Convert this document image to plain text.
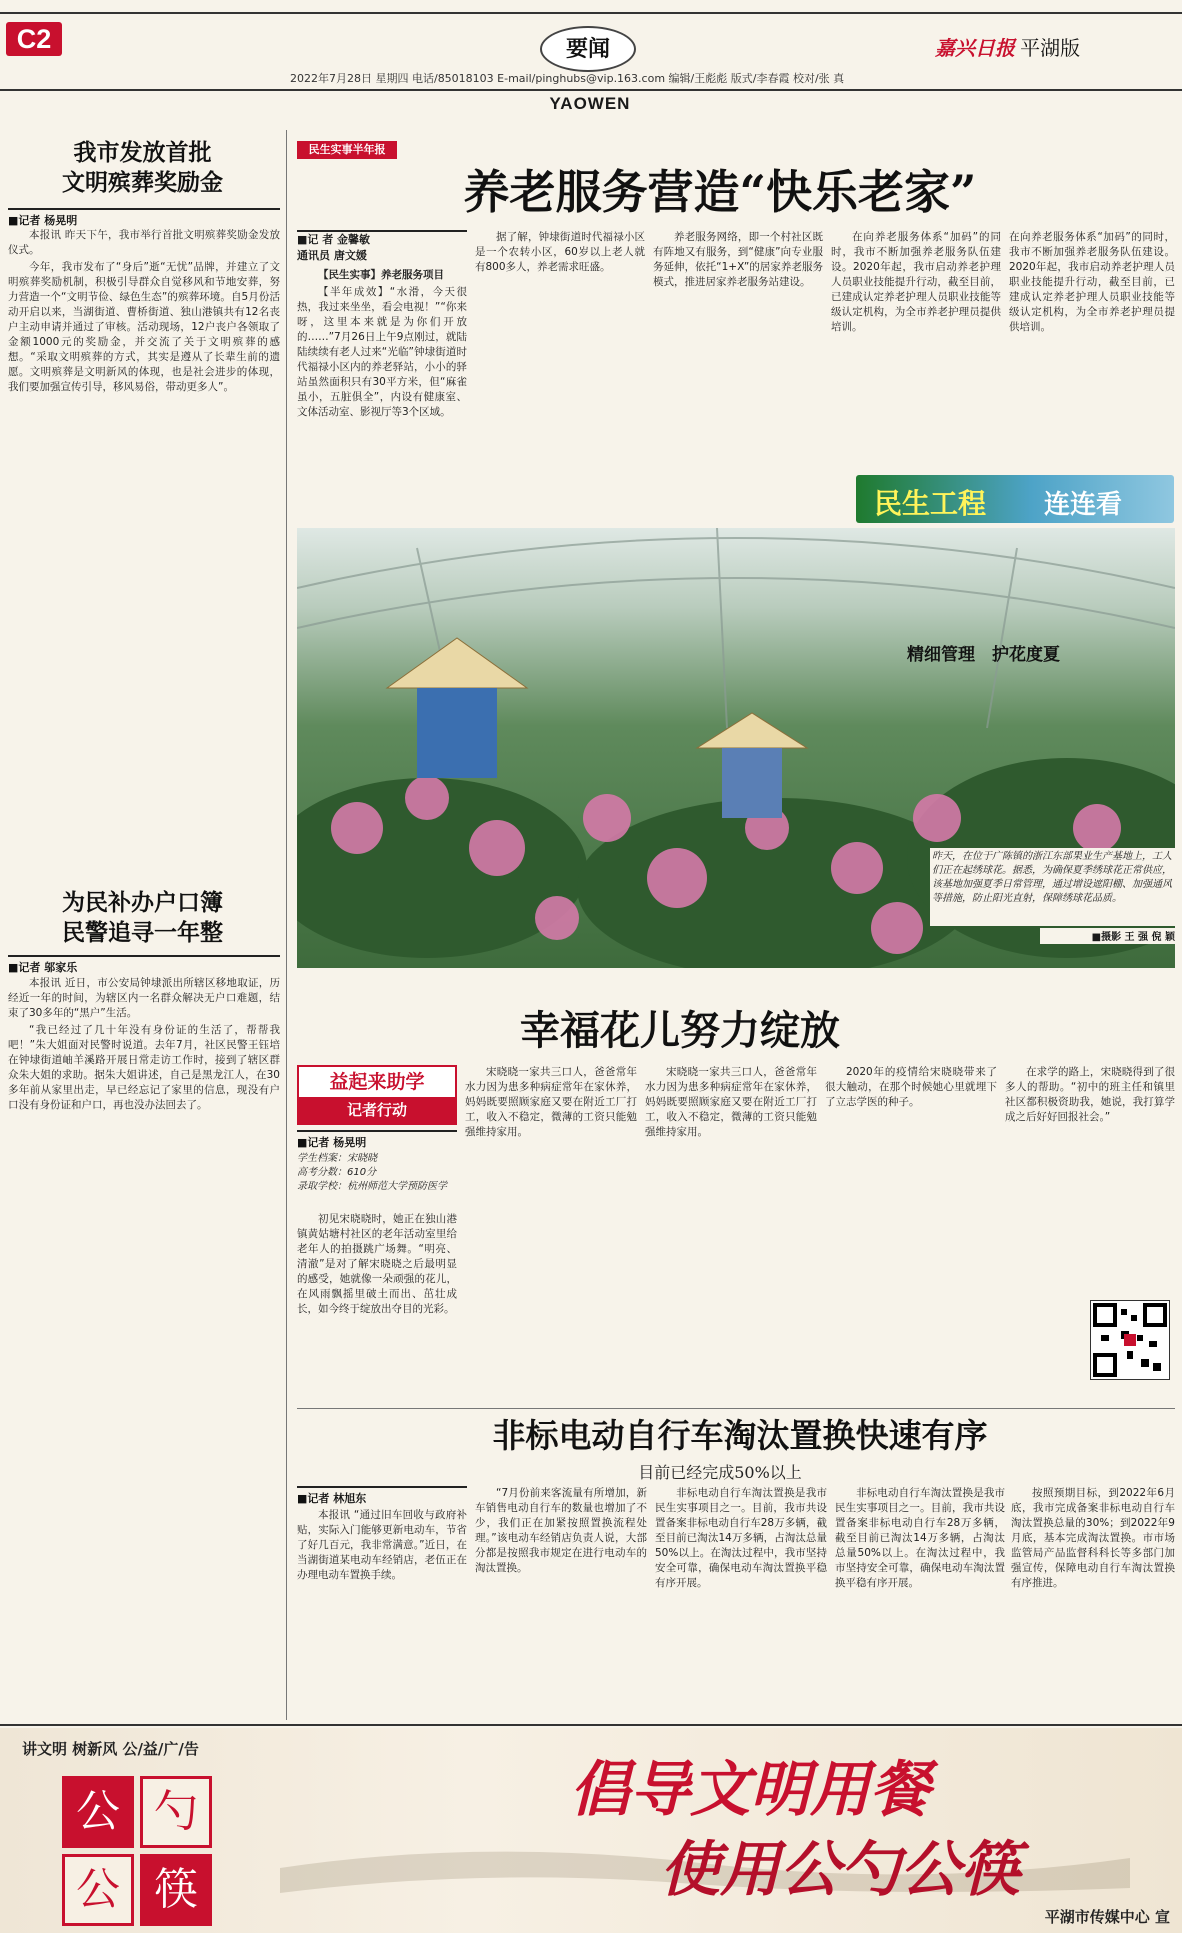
C2	要闻	嘉兴日报 平湖版
2022年7月28日 星期四 电话/85018103 E-mail/pinghubs@vip.163.com 编辑/王彪彪 版式/李春霞 校对/张 真
YAOWEN
我市发放首批
文明殡葬奖励金
■记者 杨晃明

本报讯 昨天下午，我市举行首批文明殡葬奖励金发放仪式。

今年，我市发布了“身后”逝“无忧”品牌，并建立了文明殡葬奖励机制，积极引导群众自觉移风和节地安葬，努力营造一个“文明节俭、绿色生态”的殡葬环境。自5月份活动开启以来，当湖街道、曹桥街道、独山港镇共有12名丧户主动申请并通过了审核。活动现场，12户丧户各领取了金额1000元的奖励金，并交流了关于文明殡葬的感想。“采取文明殡葬的方式，其实是遵从了长辈生前的遗愿。文明殡葬是文明新风的体现，也是社会进步的体现，我们要加强宣传引导，移风易俗，带动更多人”。

为民补办户口簿
民警追寻一年整
■记者 邬家乐

本报讯 近日，市公安局钟埭派出所辖区移地取证，历经近一年的时间，为辖区内一名群众解决无户口难题，结束了30多年的“黑户”生活。

“我已经过了几十年没有身份证的生活了，帮帮我吧！”朱大姐面对民警时说道。去年7月，社区民警王钰培在钟埭街道岫羊溪路开展日常走访工作时，接到了辖区群众朱大姐的求助。据朱大姐讲述，自己是黑龙江人，在30多年前从家里出走，早已经忘记了家里的信息，现没有户口没有身份证和户口，再也没办法回去了。

民生实事半年报
养老服务营造“快乐老家”
■记 者 金馨敏
通讯员 唐文媛

【民生实事】养老服务项目

【半年成效】“水滑，今天很热，我过来坐坐，看会电视！”“你来呀，这里本来就是为你们开放的……”7月26日上午9点刚过，就陆陆续续有老人过来“光临”钟埭街道时代福禄小区内的养老驿站，小小的驿站虽然面积只有30平方米，但“麻雀虽小，五脏俱全”，内设有健康室、文体活动室、影视厅等3个区域。

据了解，钟埭街道时代福禄小区是一个农转小区，60岁以上老人就有800多人，养老需求旺盛。

养老服务网络，即一个村社区既有阵地又有服务，到“健康”向专业服务延伸，依托“1+X”的居家养老服务模式，推进居家养老服务站建设。

在向养老服务体系“加码”的同时，我市不断加强养老服务队伍建设。2020年起，我市启动养老护理人员职业技能提升行动，截至目前，已建成认定养老护理人员职业技能等级认定机构，为全市养老护理员提供培训。

在向养老服务体系“加码”的同时，我市不断加强养老服务队伍建设。2020年起，我市启动养老护理人员职业技能提升行动，截至目前，已建成认定养老护理人员职业技能等级认定机构，为全市养老护理员提供培训。

民生工程 连连看
精细管理　护花度夏
昨天，在位于广陈镇的浙江东部果业生产基地上，工人们正在起绣球花。据悉，为确保夏季绣球花正常供应，该基地加强夏季日常管理，通过增设遮阳棚、加强通风等措施，防止阳光直射，保障绣球花品质。
■摄影 王 强 倪 颖
幸福花儿努力绽放
益起来助学
记者行动
■记者 杨晃明
学生档案：宋晓晓
高考分数：610分
录取学校：杭州师范大学预防医学

初见宋晓晓时，她正在独山港镇黄姑塘村社区的老年活动室里给老年人的拍摄跳广场舞。“明亮、清澈”是对了解宋晓晓之后最明显的感受，她就像一朵顽强的花儿，在风雨飘摇里破土而出、茁壮成长，如今终于绽放出夺目的光彩。

宋晓晓一家共三口人，爸爸常年水力因为患多种病症常年在家休养，妈妈既要照顾家庭又要在附近工厂打工，收入不稳定，微薄的工资只能勉强维持家用。

宋晓晓一家共三口人，爸爸常年水力因为患多种病症常年在家休养，妈妈既要照顾家庭又要在附近工厂打工，收入不稳定，微薄的工资只能勉强维持家用。

2020年的疫情给宋晓晓带来了很大触动，在那个时候她心里就埋下了立志学医的种子。

在求学的路上，宋晓晓得到了很多人的帮助。“初中的班主任和镇里社区都积极资助我，她说，我打算学成之后好好回报社会。”

非标电动自行车淘汰置换快速有序
目前已经完成50%以上
■记者 林旭东

本报讯 “通过旧车回收与政府补贴，实际入门能够更新电动车，节省了好几百元，我非常满意。”近日，在当湖街道某电动车经销店，老伍正在办理电动车置换手续。

“7月份前来客流量有所增加，新车销售电动自行车的数量也增加了不少，我们正在加紧按照置换流程处理。”该电动车经销店负责人说，大部分都是按照我市规定在进行电动车的淘汰置换。

非标电动自行车淘汰置换是我市民生实事项目之一。目前，我市共设置备案非标电动自行车28万多辆，截至目前已淘汰14万多辆，占淘汰总量50%以上。在淘汰过程中，我市坚持安全可靠，确保电动车淘汰置换平稳有序开展。

非标电动自行车淘汰置换是我市民生实事项目之一。目前，我市共设置备案非标电动自行车28万多辆，截至目前已淘汰14万多辆，占淘汰总量50%以上。在淘汰过程中，我市坚持安全可靠，确保电动车淘汰置换平稳有序开展。

按照预期目标，到2022年6月底，我市完成备案非标电动自行车淘汰置换总量的30%；到2022年9月底，基本完成淘汰置换。市市场监管局产品监督科科长等多部门加强宣传，保障电动自行车淘汰置换有序推进。

讲文明 树新风 公/益/广/告
公 勺
公 筷
倡导文明用餐
使用公勺公筷
平湖市传媒中心 宣
